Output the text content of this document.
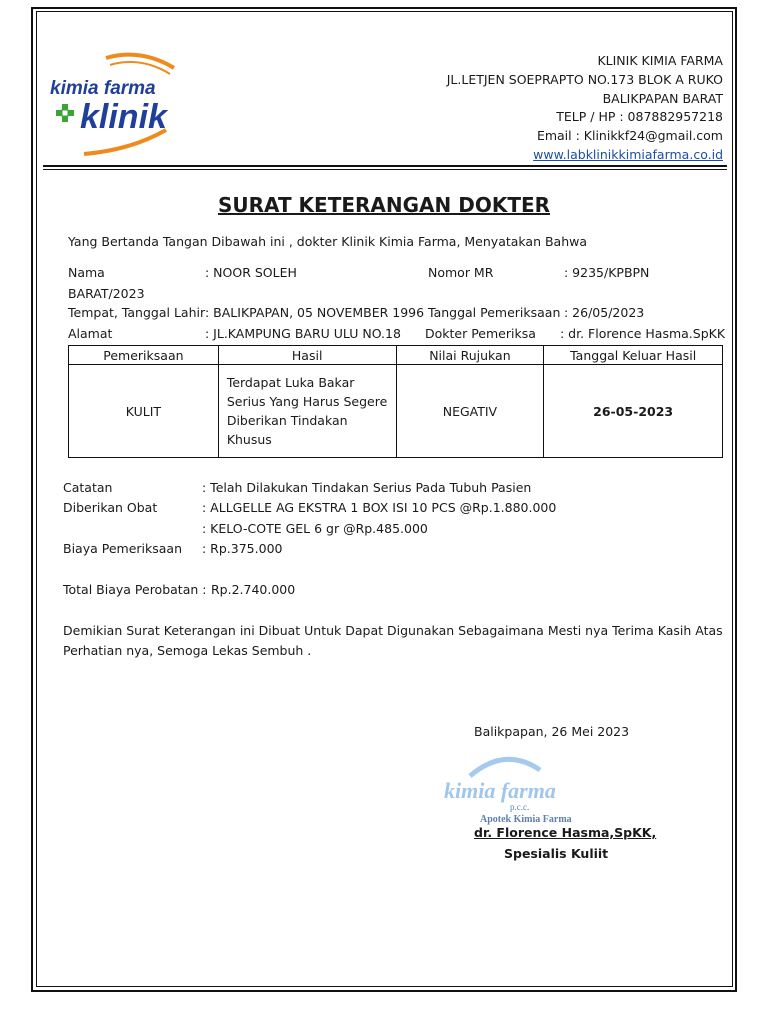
kimia farma
klinik
KLINIK KIMIA FARMA
JL.LETJEN SOEPRAPTO NO.173 BLOK A RUKO
BALIKPAPAN BARAT
TELP / HP : 087882957218
Email : Klinikkf24@gmail.com
www.labklinikkimiafarma.co.id
SURAT KETERANGAN DOKTER
Yang Bertanda Tangan Dibawah ini , dokter Klinik Kimia Farma, Menyatakan Bahwa
Nama	: NOOR SOLEH	Nomor MR	: 9235/KPBPN
BARAT/2023
Tempat, Tanggal Lahir : BALIKPAPAN, 05 NOVEMBER 1996 Tanggal Pemeriksaan : 26/05/2023
Alamat	: JL.KAMPUNG BARU ULU NO.18 Dokter Pemeriksa : dr. Florence Hasma.SpKK
Pemeriksaan	Hasil	Nilai Rujukan	Tanggal Keluar Hasil
KULIT	Terdapat Luka Bakar
Serius Yang Harus Segere
Diberikan Tindakan Khusus	NEGATIV	26-05-2023
Catatan	: Telah Dilakukan Tindakan Serius Pada Tubuh Pasien
Diberikan Obat	: ALLGELLE AG EKSTRA 1 BOX ISI 10 PCS @Rp.1.880.000
: KELO-COTE GEL 6 gr @Rp.485.000
Biaya Pemeriksaan : Rp.375.000
Total Biaya Perobatan : Rp.2.740.000
Demikian Surat Keterangan ini Dibuat Untuk Dapat Digunakan Sebagaimana Mesti nya Terima Kasih Atas
Perhatian nya, Semoga Lekas Sembuh .
Balikpapan, 26 Mei 2023
kimia farma
p.c.c.
Apotek Kimia Farma
dr. Florence Hasma,SpKK,
Spesialis Kuliit
